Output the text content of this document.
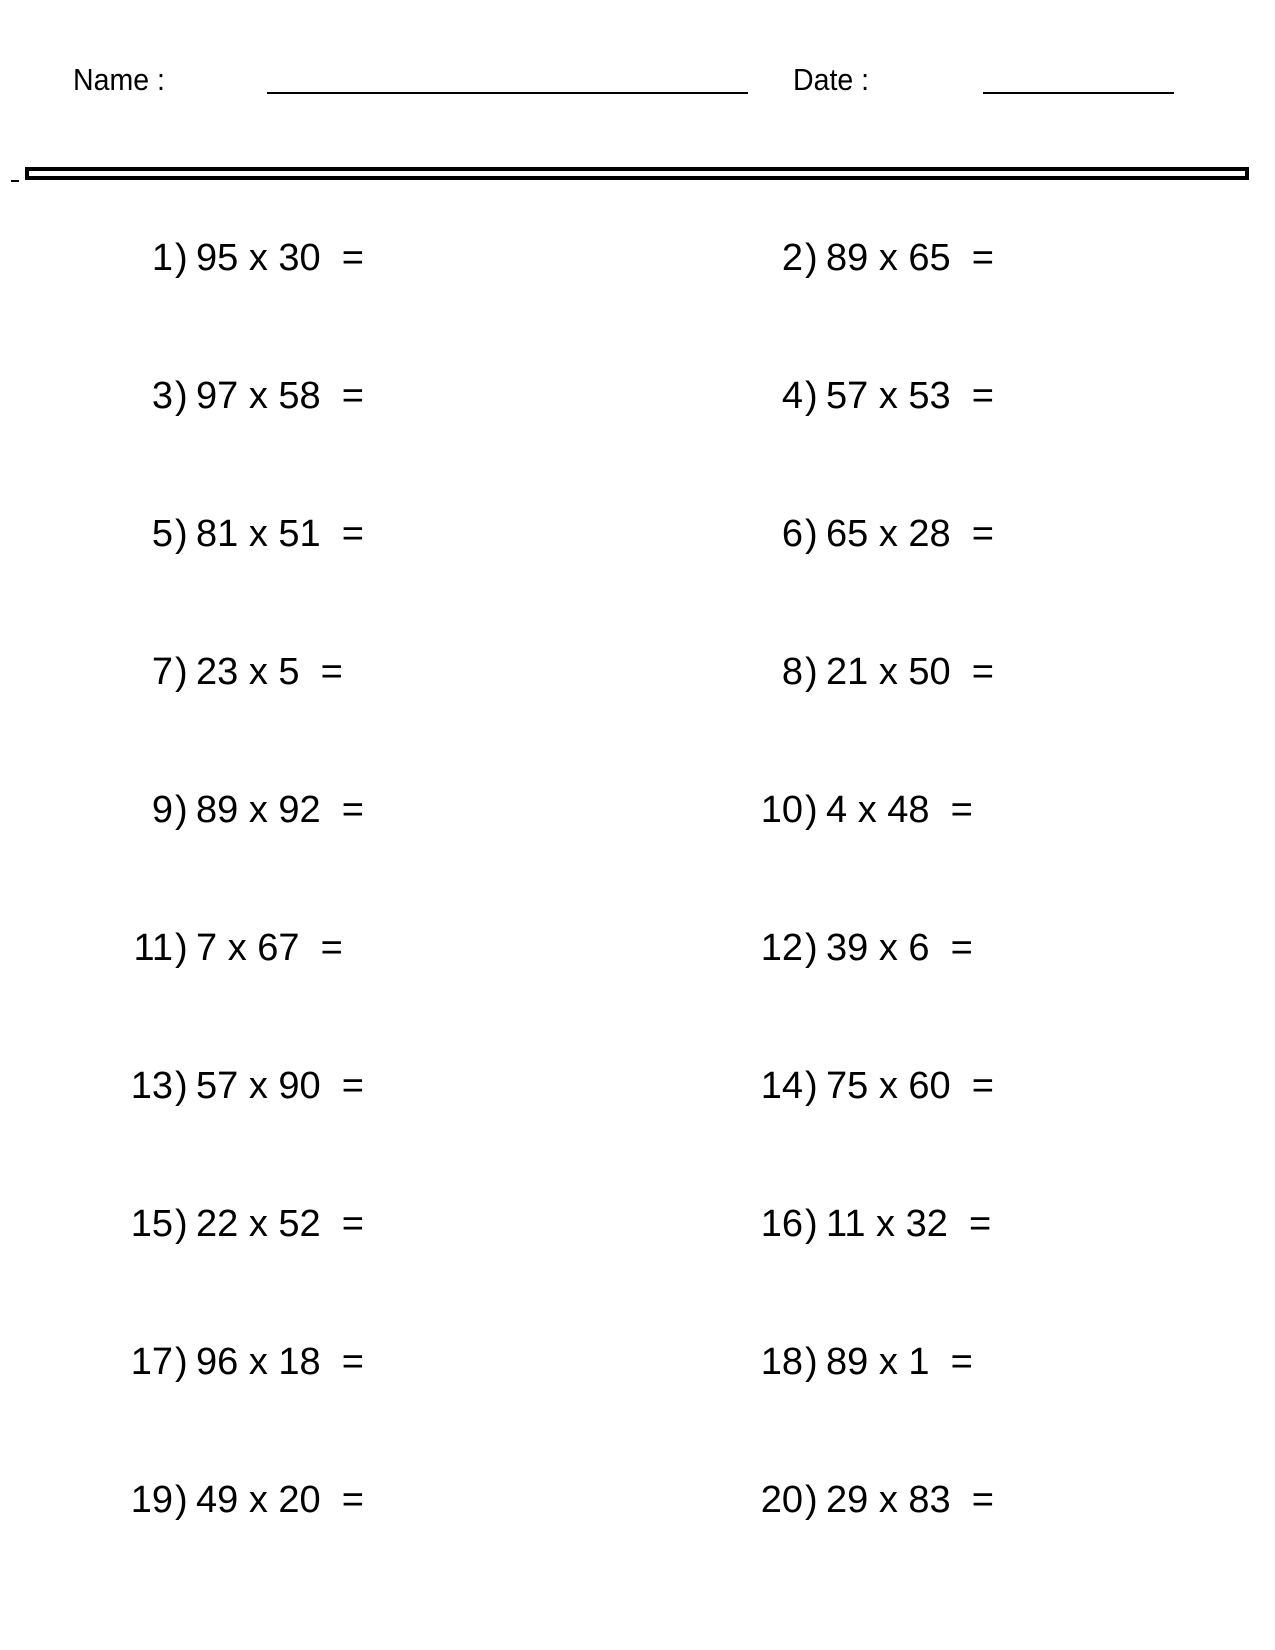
Name :	Date :
1 ) 95 x 30  =	2 ) 89 x 65  =
3 ) 97 x 58  =	4 ) 57 x 53  =
5 ) 81 x 51  =	6 ) 65 x 28  =
7 ) 23 x 5  =	8 ) 21 x 50  =
9 ) 89 x 92  =	10 ) 4 x 48  =
11 ) 7 x 67  =	12 ) 39 x 6  =
13 ) 57 x 90  =	14 ) 75 x 60  =
15 ) 22 x 52  =	16 ) 11 x 32  =
17 ) 96 x 18  =	18 ) 89 x 1  =
19 ) 49 x 20  =	20 ) 29 x 83  =
